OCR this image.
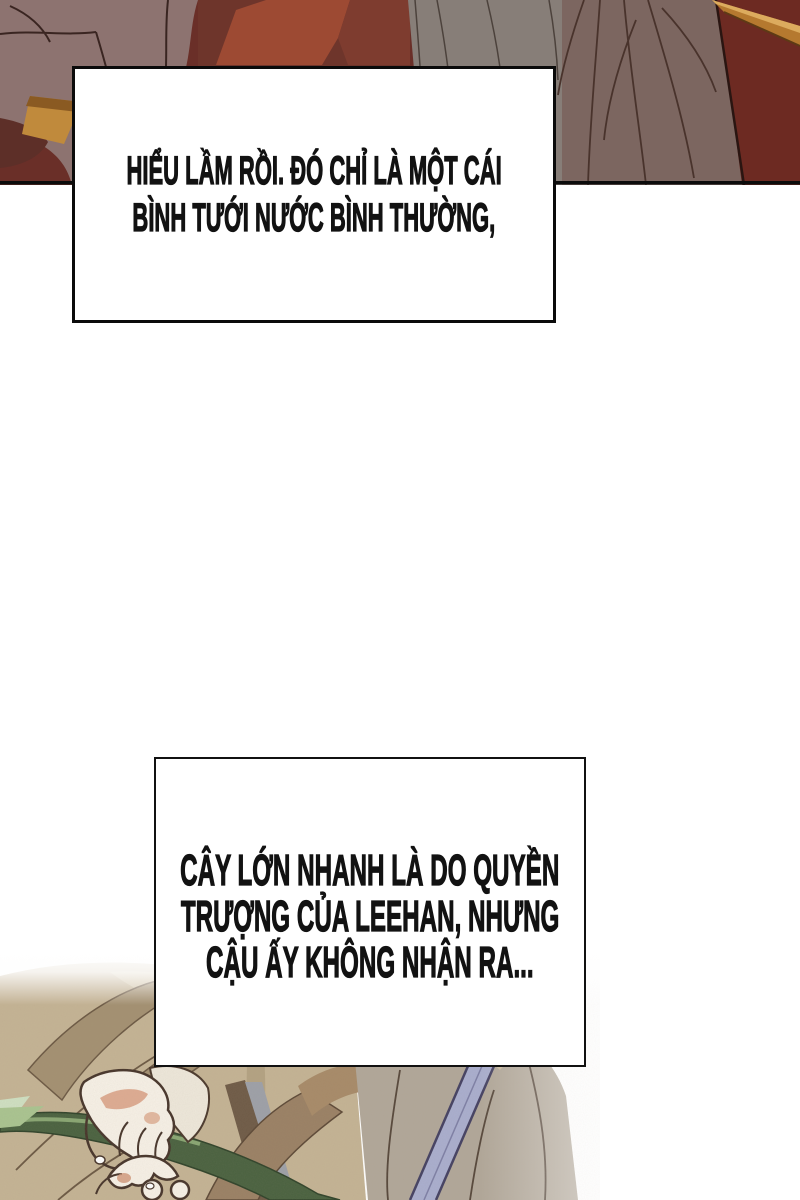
HIỂU LẦM RỒI. ĐÓ CHỈ LÀ MỘT CÁI
BÌNH TƯỚI NƯỚC BÌNH THƯỜNG,
CÂY LỚN NHANH LÀ DO QUYỀN
TRƯỢNG CỦA LEEHAN, NHƯNG
CẬU ẤY KHÔNG NHẬN RA...
